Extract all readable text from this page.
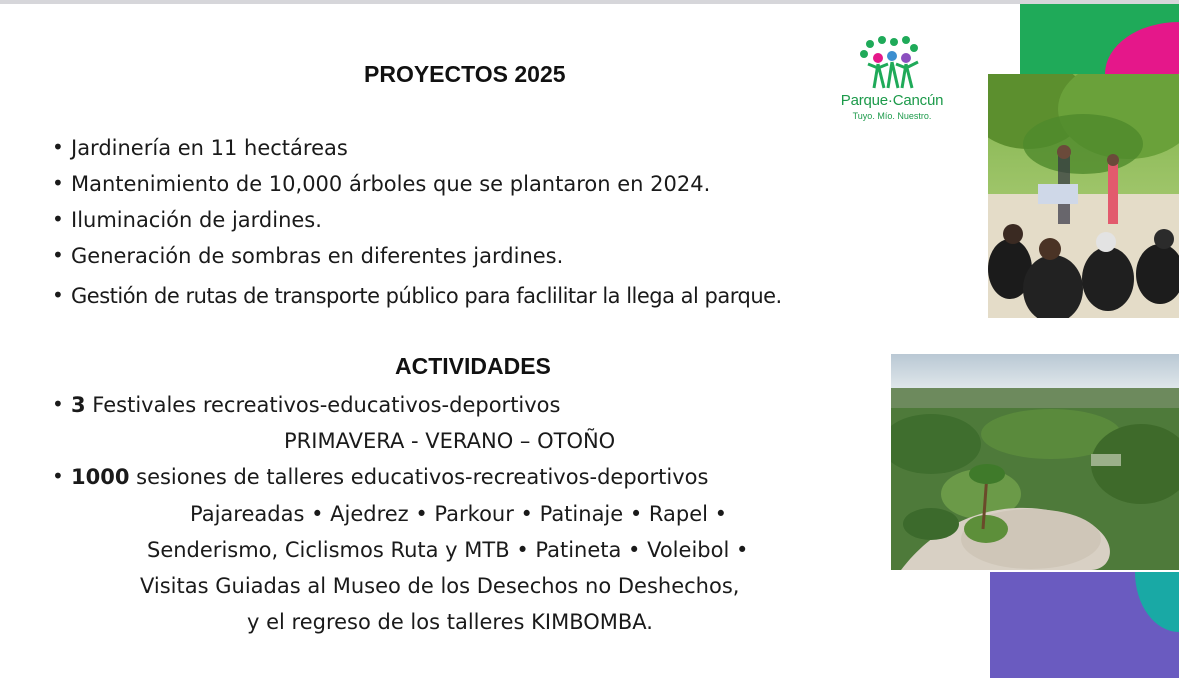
Parque·Cancún
Tuyo. Mío. Nuestro.
PROYECTOS 2025
• Jardinería en 11 hectáreas
• Mantenimiento de 10,000 árboles que se plantaron en 2024.
• Iluminación de jardines.
• Generación de sombras en diferentes jardines.
• Gestión de rutas de transporte público para faclilitar la llega al parque.
ACTIVIDADES
• 3 Festivales recreativos-educativos-deportivos
PRIMAVERA - VERANO – OTOÑO
• 1000 sesiones de talleres educativos-recreativos-deportivos
Pajareadas • Ajedrez • Parkour • Patinaje • Rapel •
Senderismo, Ciclismos Ruta y MTB • Patineta • Voleibol •
Visitas Guiadas al Museo de los Desechos no Deshechos,
y el regreso de los talleres KIMBOMBA.
